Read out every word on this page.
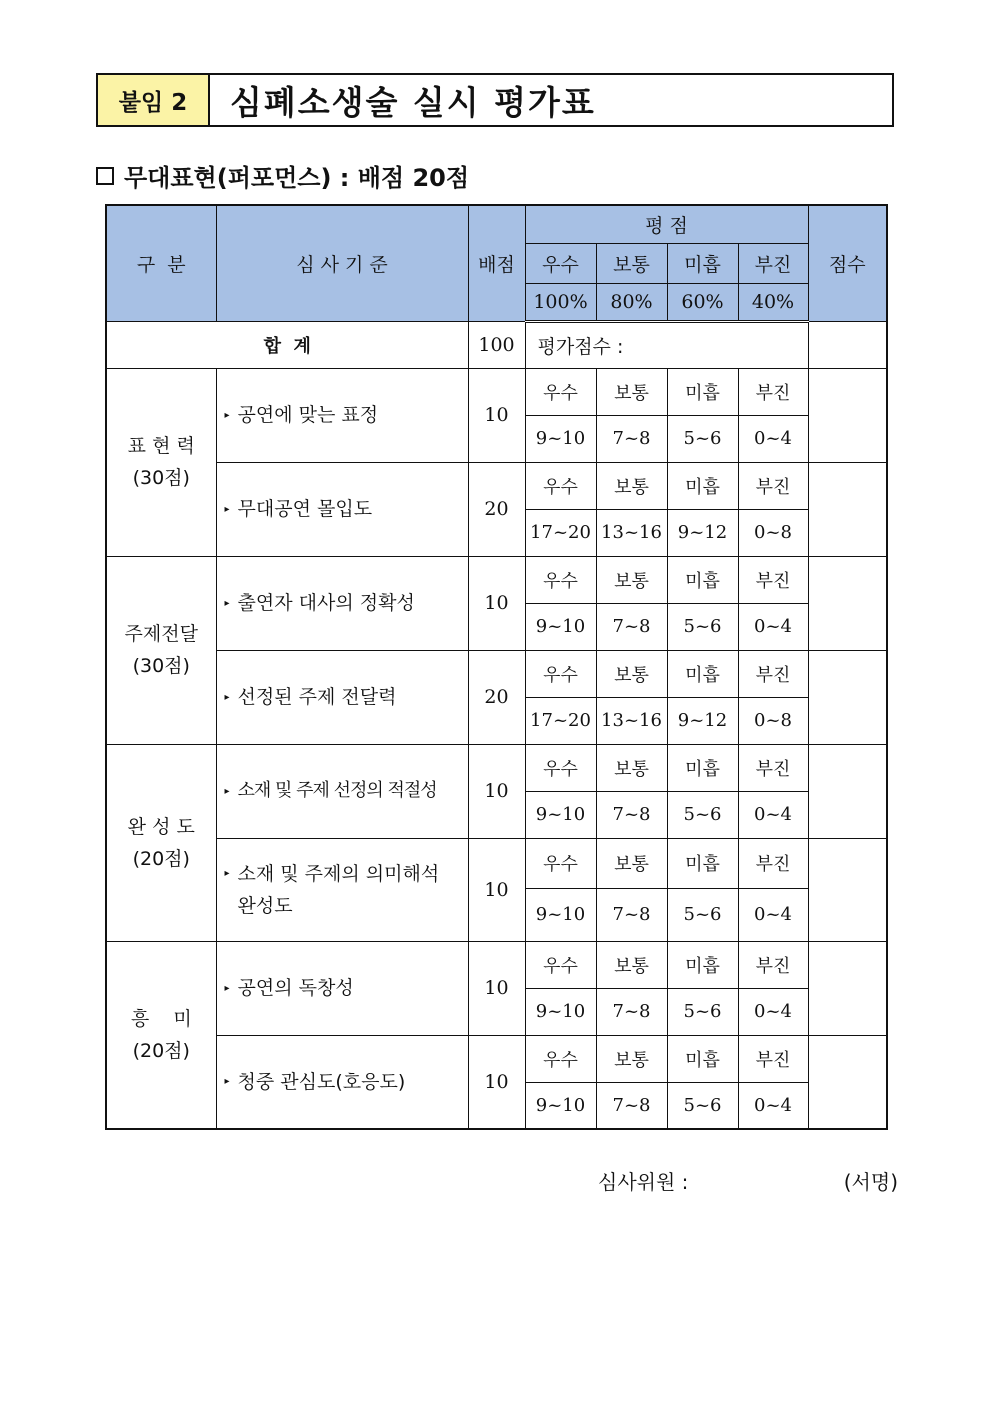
붙임 2	심폐소생술 실시 평가표
무대표현(퍼포먼스) : 배점 20점
구  분	심 사 기 준	배점	평 점				점수
			우수	보통	미흡	부진	
			100%	80%	60%	40%	
합  계		100	평가점수 :				

표 현 력
(30점)	▸ 공연에 맞는 표정	10	우수	보통	미흡	부진	
			9~10	7~8	5~6	0~4	
	▸ 무대공연 몰입도	20	우수	보통	미흡	부진	
			17~20	13~16	9~12	0~8	

주제전달
(30점)	▸ 출연자 대사의 정확성	10	우수	보통	미흡	부진	
			9~10	7~8	5~6	0~4	
	▸ 선정된 주제 전달력	20	우수	보통	미흡	부진	
			17~20	13~16	9~12	0~8	

완 성 도
(20점)	▸ 소재 및 주제 선정의 적절성	10	우수	보통	미흡	부진	
			9~10	7~8	5~6	0~4	
	▸ 소재 및 주제의 의미해석 완성도	10	우수	보통	미흡	부진	
			9~10	7~8	5~6	0~4	

흥    미
(20점)	▸ 공연의 독창성	10	우수	보통	미흡	부진	
			9~10	7~8	5~6	0~4	
	▸ 청중 관심도(호응도)	10	우수	보통	미흡	부진	
			9~10	7~8	5~6	0~4	
심사위원 :	(서명)
